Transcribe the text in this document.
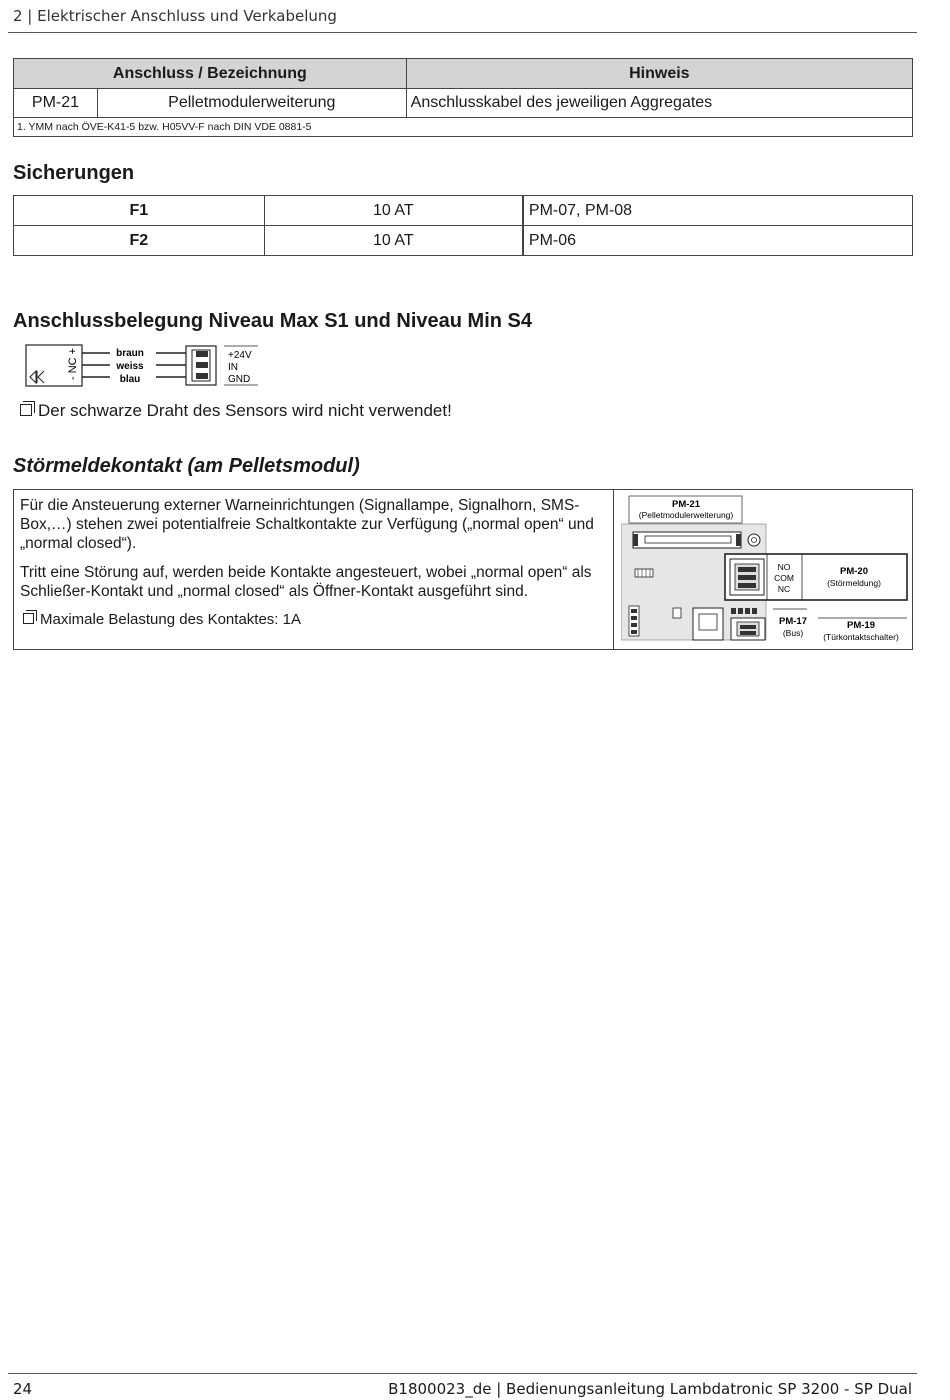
2 | Elektrischer Anschluss und Verkabelung
Anschluss / Bezeichnung		Hinweis
PM-21	Pelletmodulerweiterung	Anschlusskabel des jeweiligen Aggregates
1. YMM nach ÖVE-K41-5 bzw. H05VV-F nach DIN VDE 0881-5		
Sicherungen
F1	10 AT	PM-07, PM-08
F2	10 AT	PM-06
Anschlussbelegung Niveau Max S1 und Niveau Min S4
- NC +	braun
weiss
blau
+24V
IN
GND
Der schwarze Draht des Sensors wird nicht verwendet!
Störmeldekontakt (am Pelletsmodul)
Für die Ansteuerung externer Warneinrichtungen (Signallampe, Signalhorn, SMS-Box,…) stehen zwei potentialfreie Schaltkontakte zur Verfügung („normal open“ und „normal closed“).
Tritt eine Störung auf, werden beide Kontakte angesteuert, wobei „normal open“ als Schließer-Kontakt und „normal closed“ als Öffner-Kontakt ausgeführt sind.
Maximale Belastung des Kontaktes: 1A
PM-21
(Pelletmodulerweiterung)
NO
COM
NC
PM-20
(Störmeldung)
PM-17
(Bus)
PM-19
(Türkontaktschalter)
24	B1800023_de | Bedienungsanleitung Lambdatronic SP 3200 - SP Dual
